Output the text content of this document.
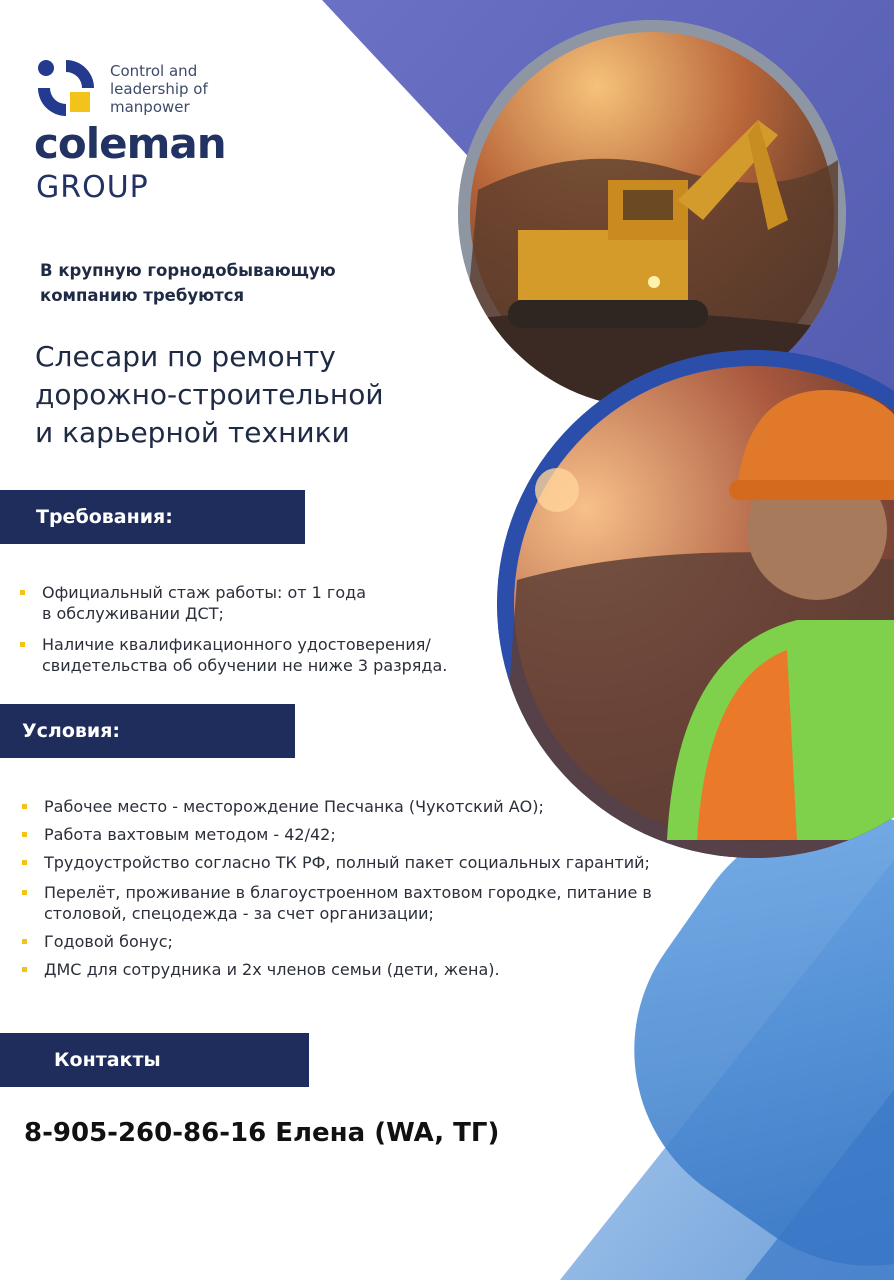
Control and
leadership of
manpower
coleman
GROUP
В крупную горнодобывающую
компанию требуются
Слесари по ремонту
дорожно-строительной
и карьерной техники
Требования:
Официальный стаж работы: от 1 года
в обслуживании ДСТ;
Наличие квалификационного удостоверения/
свидетельства об обучении не ниже 3 разряда.
Условия:
Рабочее место - месторождение Песчанка (Чукотский АО);
Работа вахтовым методом - 42/42;
Трудоустройство согласно ТК РФ, полный пакет социальных гарантий;
Перелёт, проживание в благоустроенном вахтовом городке, питание в столовой, спецодежда - за счет организации;
Годовой бонус;
ДМС для сотрудника и 2х членов семьи (дети, жена).
Контакты
8-905-260-86-16 Елена (WA, ТГ)
